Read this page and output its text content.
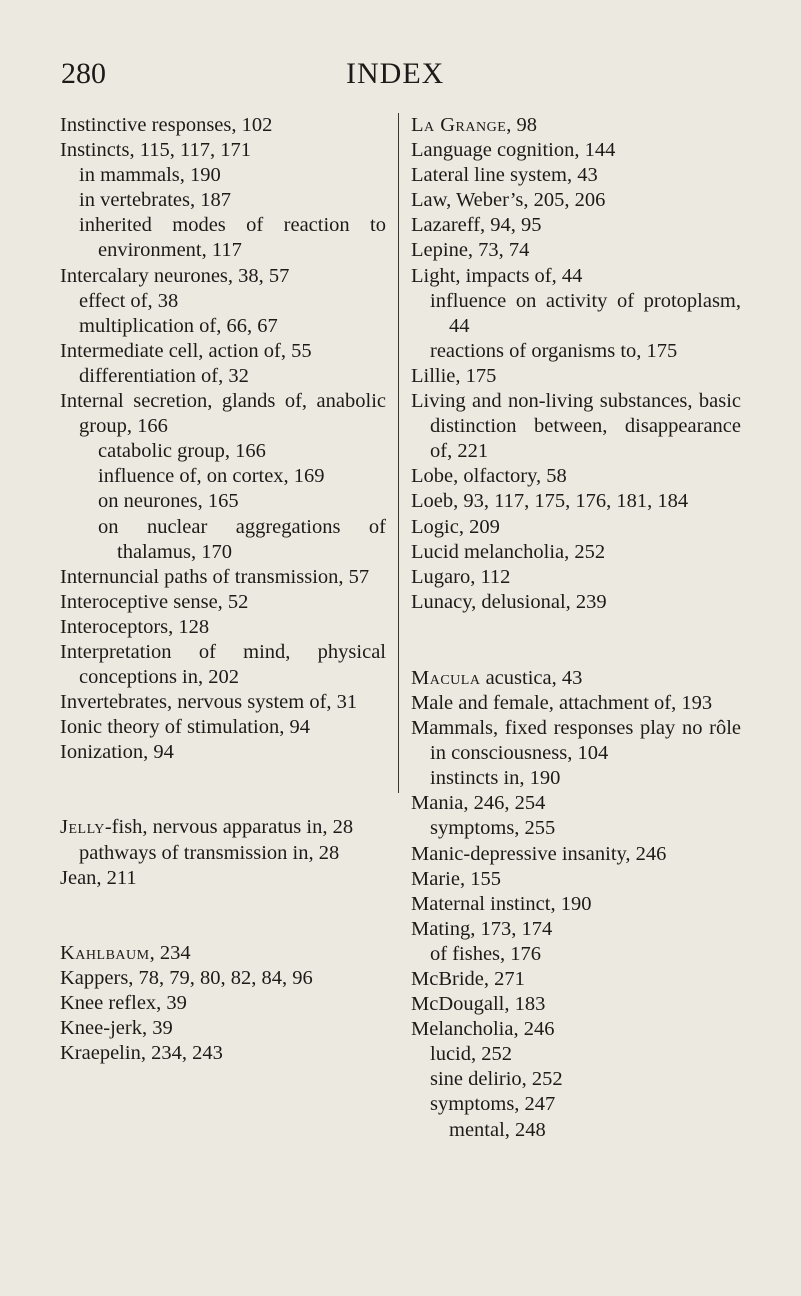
280	INDEX

Instinctive responses, 102

Instincts, 115, 117, 171

in mammals, 190

in vertebrates, 187

inherited modes of reaction to environment, 117

Intercalary neurones, 38, 57

effect of, 38

multiplication of, 66, 67

Intermediate cell, action of, 55

differentiation of, 32

Internal secretion, glands of, anabolic group, 166

catabolic group, 166

influence of, on cortex, 169

on neurones, 165

on nuclear aggregations of thalamus, 170

Internuncial paths of transmission, 57

Interoceptive sense, 52

Interoceptors, 128

Interpretation of mind, physical conceptions in, 202

Invertebrates, nervous system of, 31

Ionic theory of stimulation, 94

Ionization, 94

Jelly-fish, nervous apparatus in, 28

pathways of transmission in, 28

Jean, 211

Kahlbaum, 234

Kappers, 78, 79, 80, 82, 84, 96

Knee reflex, 39

Knee-jerk, 39

Kraepelin, 234, 243

La Grange, 98

Language cognition, 144

Lateral line system, 43

Law, Weber’s, 205, 206

Lazareff, 94, 95

Lepine, 73, 74

Light, impacts of, 44

influence on activity of protoplasm, 44

reactions of organisms to, 175

Lillie, 175

Living and non-living substances, basic distinction between, disappearance of, 221

Lobe, olfactory, 58

Loeb, 93, 117, 175, 176, 181, 184

Logic, 209

Lucid melancholia, 252

Lugaro, 112

Lunacy, delusional, 239

Macula acustica, 43

Male and female, attachment of, 193

Mammals, fixed responses play no rôle in consciousness, 104

instincts in, 190

Mania, 246, 254

symptoms, 255

Manic-depressive insanity, 246

Marie, 155

Maternal instinct, 190

Mating, 173, 174

of fishes, 176

McBride, 271

McDougall, 183

Melancholia, 246

lucid, 252

sine delirio, 252

symptoms, 247

mental, 248
